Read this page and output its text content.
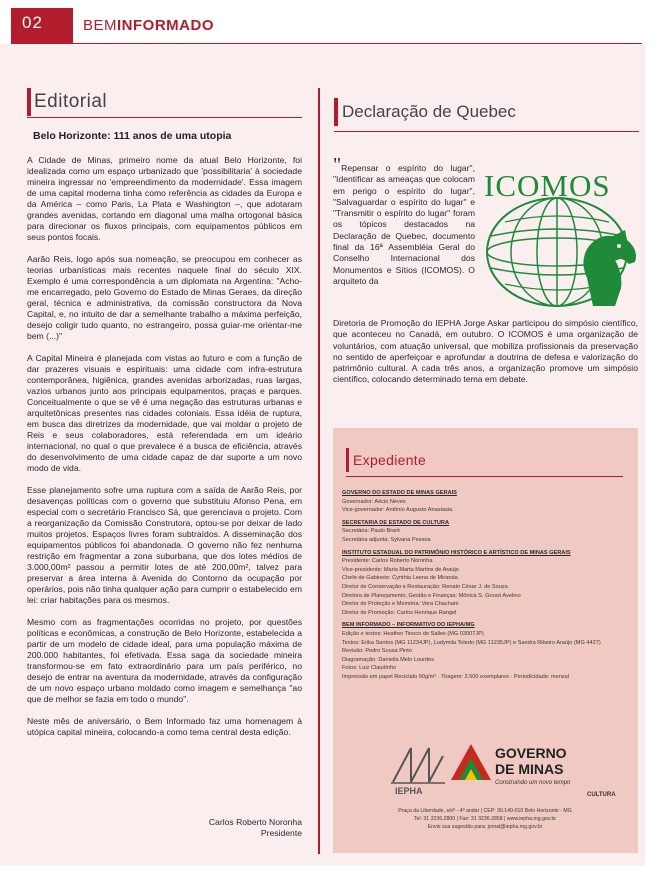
02	BEMINFORMADO
Editorial
Belo Horizonte: 111 anos de uma utopia

A Cidade de Minas, primeiro nome da atual Belo Horizonte, foi idealizada como um espaço urbanizado que 'possibilitaria' à sociedade mineira ingressar no 'empreendimento da modernidade'. Essa imagem de uma capital moderna tinha como referência as cidades da Europa e da América – como Paris, La Plata e Washington –, que adotaram grandes avenidas, cortando em diagonal uma malha ortogonal básica para direcionar os fluxos principais, com equipamentos públicos em seus pontos focais.

Aarão Reis, logo após sua nomeação, se preocupou em conhecer as teorias urbanísticas mais recentes naquele final do século XIX. Exemplo é uma correspondência a um diplomata na Argentina: "Acho-me encarregado, pelo Governo do Estado de Minas Geraes, da direção geral, técnica e administrativa, da comissão constructora da Nova Capital, e, no intuito de dar a semelhante trabalho a máxima perfeição, desejo coligir tudo quanto, no estrangeiro, possa guiar-me orientar-me bem (...)"

A Capital Mineira é planejada com vistas ao futuro e com a função de dar prazeres visuais e espirituais: uma cidade com infra-estrutura contemporânea, higiênica, grandes avenidas arborizadas, ruas largas, vazios urbanos junto aos principais equipamentos, praças e parques. Conceitualmente o que se vê é uma negação das estruturas urbanas e arquitetônicas presentes nas cidades coloniais. Essa idéia de ruptura, em busca das diretrizes da modernidade, que vai moldar o projeto de Reis e seus colaboradores, está referendada em um ideário internacional, no qual o que prevalece é a busca de eficiência, através do desenvolvimento de uma cidade capaz de dar suporte a um novo modo de vida.

Esse planejamento sofre uma ruptura com a saída de Aarão Reis, por desavenças políticas com o governo que substituiu Afonso Pena, em especial com o secretário Francisco Sá, que gerenciava o projeto. Com a reorganização da Comissão Construtora, optou-se por deixar de lado muitos projetos. Espaços livres foram subtraídos. A disseminação dos equipamentos públicos foi abandonada. O governo não fez nenhuma restrição em fragmentar a zona suburbana, que dos lotes médios de 3.000,00m² passou a permitir lotes de até 200,00m², talvez para preservar a área interna à Avenida do Contorno da ocupação por operários, pois não tinha qualquer ação para cumprir o estabelecido em lei: criar habitações para os mesmos.

Mesmo com as fragmentações ocorridas no projeto, por questões políticas e econômicas, a construção de Belo Horizonte, estabelecida a partir de um modelo de cidade ideal, para uma população máxima de 200.000 habitantes, foi efetivada. Essa saga da sociedade mineira transformou-se em fato extraordinário para um país periférico, no desejo de entrar na aventura da modernidade, através da configuração de um novo espaço urbano moldado como imagem e semelhança "ao que de melhor se fazia em todo o mundo".

Neste mês de aniversário, o Bem Informado faz uma homenagem à utópica capital mineira, colocando-a como tema central desta edição.

Carlos Roberto Noronha
Presidente
Declaração de Quebec
"Repensar o espírito do lugar", "Identificar as ameaças que colocam em perigo o espírito do lugar", "Salvaguardar o espírito do lugar" e "Transmitir o espírito do lugar" foram os tópicos destacados na Declaração de Quebec, documento final da 16ª Assembléia Geral do Conselho Internacional dos Monumentos e Sítios (ICOMOS). O arquiteto da
ICOMOS
Diretoria de Promoção do IEPHA Jorge Askar participou do simpósio científico, que aconteceu no Canadá, em outubro. O ICOMOS é uma organização de voluntários, com atuação universal, que mobiliza profissionais da preservação no sentido de aperfeiçoar e aprofundar a doutrina de defesa e valorização do patrimônio cultural. A cada três anos, a organização promove um simpósio científico, colocando determinado tema em debate.
Expediente
GOVERNO DO ESTADO DE MINAS GERAIS
Governador: Aécio Neves
Vice-governador: Antônio Augusto Anastasia
SECRETARIA DE ESTADO DE CULTURA
Secretária: Paulo Brant
Secretária adjunta: Sylvana Pessoa
INSTITUTO ESTADUAL DO PATRIMÔNIO HISTÓRICO E ARTÍSTICO DE MINAS GERAIS
Presidente: Carlos Roberto Noronha
Vice-presidente: Maria Marta Martins de Araújo
Chefe de Gabinete: Cynthia Leena de Miranda
Diretor de Conservação e Restauração: Renato César J. de Souza
Diretora de Planejamento, Gestão e Finanças: Mônica S. Grossi Avelino
Diretor de Proteção e Memória: Vera Chacham
Diretor de Promoção: Carlos Henrique Rangel
BEM INFORMADO – INFORMATIVO DO IEPHA/MG
Edição e textos: Heather Tinoco de Salles (MG 03007JP)
Textos: Erika Santos (MG 11234JP), Ludymila Toledo (MG 11235JP) e Sandra Ribeiro Araújo (MG 4427)
Revisão: Pedro Sousa Pinto
Diagramação: Daniella Melo Lourdes
Fotos: Luiz Claudinho
Impressão em papel Reciclato 90g/m² · Tiragem: 2.500 exemplares · Periodicidade: mensal
IEPHA
GOVERNO
DE MINAS
Construindo um novo tempo
CULTURA
Praça da Liberdade, s/nº - 4º andar | CEP: 30.140-010 Belo Horizonte - MG
Tel: 31 3236.2800 | Fax: 31 3236.2858 | www.iepha.mg.gov.br
Envie sua sugestão para: jornal@iepha.mg.gov.br
